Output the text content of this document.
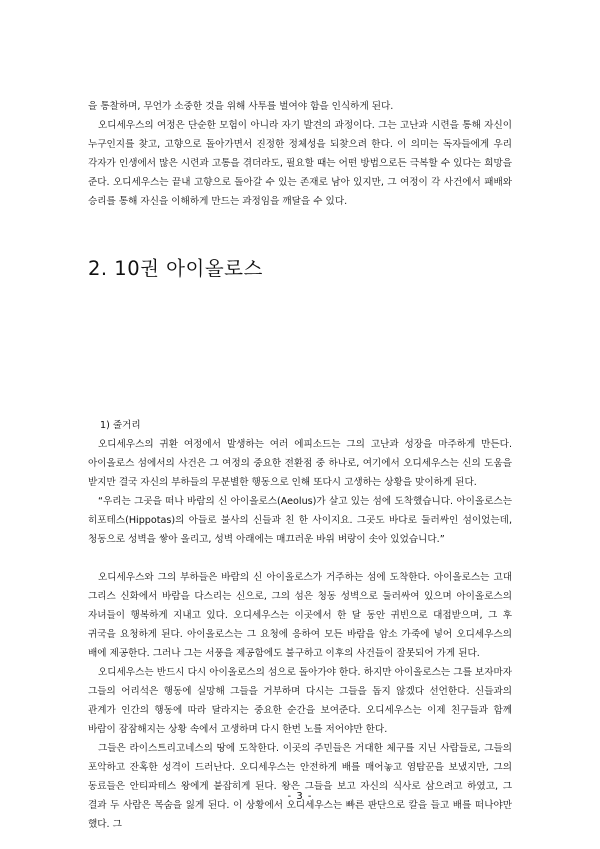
을 통찰하며, 무언가 소중한 것을 위해 사투를 벌여야 함을 인식하게 된다.

오디세우스의 여정은 단순한 모험이 아니라 자기 발견의 과정이다. 그는 고난과 시련을 통해 자신이 누구인지를 찾고, 고향으로 돌아가면서 진정한 정체성을 되찾으려 한다. 이 의미는 독자들에게 우리 각자가 인생에서 많은 시련과 고통을 겪더라도, 필요할 때는 어떤 방법으로든 극복할 수 있다는 희망을 준다. 오디세우스는 끝내 고향으로 돌아갈 수 있는 존재로 남아 있지만, 그 여정이 각 사건에서 패배와 승리를 통해 자신을 이해하게 만드는 과정임을 깨달을 수 있다.

2. 10권 아이올로스

1) 줄거리

오디세우스의 귀환 여정에서 발생하는 여러 에피소드는 그의 고난과 성장을 마주하게 만든다. 아이올로스 섬에서의 사건은 그 여정의 중요한 전환점 중 하나로, 여기에서 오디세우스는 신의 도움을 받지만 결국 자신의 부하들의 무분별한 행동으로 인해 또다시 고생하는 상황을 맞이하게 된다.

“우리는 그곳을 떠나 바람의 신 아이올로스(Aeolus)가 살고 있는 섬에 도착했습니다. 아이올로스는 히포테스(Hippotas)의 아들로 불사의 신들과 친 한 사이지요. 그곳도 바다로 둘러싸인 섬이었는데, 청동으로 성벽을 쌓아 올리고, 성벽 아래에는 매끄러운 바위 벼랑이 솟아 있었습니다.”

오디세우스와 그의 부하들은 바람의 신 아이올로스가 거주하는 섬에 도착한다. 아이올로스는 고대 그리스 신화에서 바람을 다스리는 신으로, 그의 섬은 청동 성벽으로 둘러싸여 있으며 아이올로스의 자녀들이 행복하게 지내고 있다. 오디세우스는 이곳에서 한 달 동안 귀빈으로 대접받으며, 그 후 귀국을 요청하게 된다. 아이올로스는 그 요청에 응하여 모든 바람을 암소 가죽에 넣어 오디세우스의 배에 제공한다. 그러나 그는 서풍을 제공함에도 불구하고 이후의 사건들이 잘못되어 가게 된다.

오디세우스는 반드시 다시 아이올로스의 섬으로 돌아가야 한다. 하지만 아이올로스는 그를 보자마자 그들의 어리석은 행동에 실망해 그들을 거부하며 다시는 그들을 돕지 않겠다 선언한다. 신들과의 관계가 인간의 행동에 따라 달라지는 중요한 순간을 보여준다. 오디세우스는 이제 친구들과 함께 바람이 잠잠해지는 상황 속에서 고생하며 다시 한번 노를 저어야만 한다.

그들은 라이스트리고네스의 땅에 도착한다. 이곳의 주민들은 거대한 체구를 지닌 사람들로, 그들의 포악하고 잔혹한 성격이 드러난다. 오디세우스는 안전하게 배를 매어놓고 염탐꾼을 보냈지만, 그의 동료들은 안티파테스 왕에게 붙잡히게 된다. 왕은 그들을 보고 자신의 식사로 삼으려고 하였고, 그 결과 두 사람은 목숨을 잃게 된다. 이 상황에서 오디세우스는 빠른 판단으로 칼을 들고 배를 떠나야만 했다. 그

- 3 -
